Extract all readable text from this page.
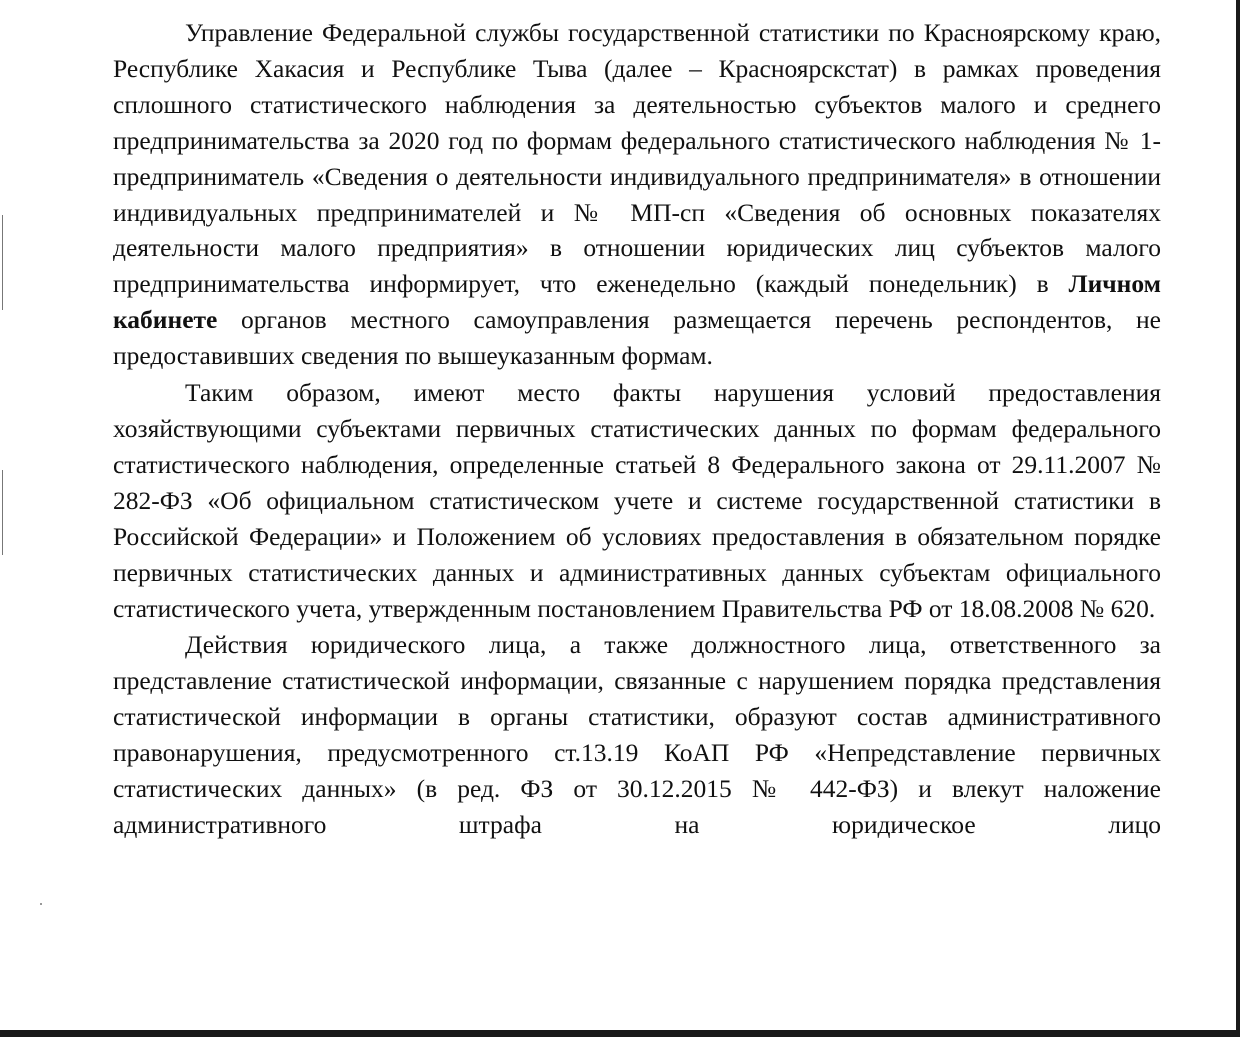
Управление Федеральной службы государственной статистики по Красноярскому краю, Республике Хакасия и Республике Тыва (далее – Красноярскстат) в рамках проведения сплошного статистического наблюдения за деятельностью субъектов малого и среднего предпринимательства за 2020 год по формам федерального статистического наблюдения № 1-предприниматель «Сведения о деятельности индивидуального предпринимателя» в отношении индивидуальных предпринимателей и № МП-сп «Сведения об основных показателях деятельности малого предприятия» в отношении юридических лиц субъектов малого предпринимательства информирует, что еженедельно (каждый понедельник) в Личном кабинете органов местного самоуправления размещается перечень респондентов, не предоставивших сведения по вышеуказанным формам.

Таким образом, имеют место факты нарушения условий предоставления хозяйствующими субъектами первичных статистических данных по формам федерального статистического наблюдения, определенные статьей 8 Федерального закона от 29.11.2007 № 282-ФЗ «Об официальном статистическом учете и системе государственной статистики в Российской Федерации» и Положением об условиях предоставления в обязательном порядке первичных статистических данных и административных данных субъектам официального статистического учета, утвержденным постановлением Правительства РФ от 18.08.2008 № 620.

Действия юридического лица, а также должностного лица, ответственного за представление статистической информации, связанные с нарушением порядка представления статистической информации в органы статистики, образуют состав административного правонарушения, предусмотренного ст.13.19 КоАП РФ «Непредставление первичных статистических данных» (в ред. ФЗ от 30.12.2015 № 442-ФЗ) и влекут наложение административного штрафа на юридическое лицо
